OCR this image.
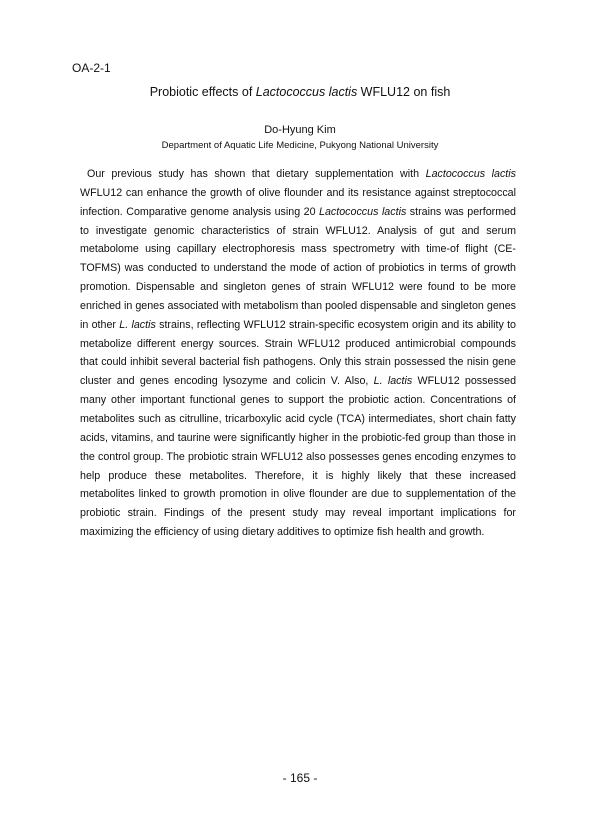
OA-2-1
Probiotic effects of Lactococcus lactis WFLU12 on fish
Do-Hyung Kim
Department of Aquatic Life Medicine, Pukyong National University

Our previous study has shown that dietary supplementation with Lactococcus lactis WFLU12 can enhance the growth of olive flounder and its resistance against streptococcal infection. Comparative genome analysis using 20 Lactococcus lactis strains was performed to investigate genomic characteristics of strain WFLU12. Analysis of gut and serum metabolome using capillary electrophoresis mass spectrometry with time-of flight (CE-TOFMS) was conducted to understand the mode of action of probiotics in terms of growth promotion. Dispensable and singleton genes of strain WFLU12 were found to be more enriched in genes associated with metabolism than pooled dispensable and singleton genes in other L. lactis strains, reflecting WFLU12 strain-specific ecosystem origin and its ability to metabolize different energy sources. Strain WFLU12 produced antimicrobial compounds that could inhibit several bacterial fish pathogens. Only this strain possessed the nisin gene cluster and genes encoding lysozyme and colicin V. Also, L. lactis WFLU12 possessed many other important functional genes to support the probiotic action. Concentrations of metabolites such as citrulline, tricarboxylic acid cycle (TCA) intermediates, short chain fatty acids, vitamins, and taurine were significantly higher in the probiotic-fed group than those in the control group. The probiotic strain WFLU12 also possesses genes encoding enzymes to help produce these metabolites. Therefore, it is highly likely that these increased metabolites linked to growth promotion in olive flounder are due to supplementation of the probiotic strain. Findings of the present study may reveal important implications for maximizing the efficiency of using dietary additives to optimize fish health and growth.

- 165 -
